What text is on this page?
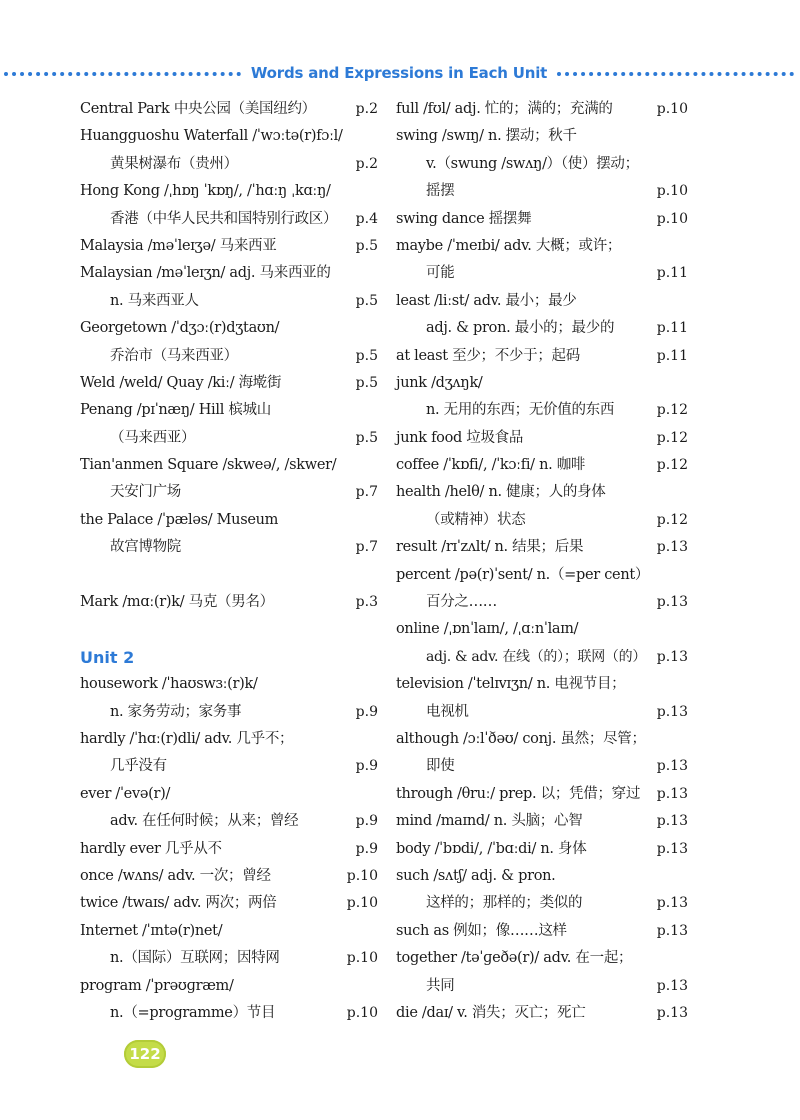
Words and Expressions in Each Unit
Central Park 中央公园（美国纽约）	p.2
Huangguoshu Waterfall /ˈwɔːtə(r)fɔːl/
黄果树瀑布（贵州）	p.2
Hong Kong /ˌhɒŋ ˈkɒŋ/, /ˈhɑːŋ ˌkɑːŋ/
香港（中华人民共和国特别行政区） p.4
Malaysia /məˈleɪʒə/ 马来西亚	p.5
Malaysian /məˈleɪʒn/ adj. 马来西亚的
n. 马来西亚人	p.5
Georgetown /ˈdʒɔː(r)dʒtaʊn/
乔治市（马来西亚）	p.5
Weld /weld/ Quay /kiː/ 海墘街	p.5
Penang /pɪˈnæŋ/ Hill 槟城山
（马来西亚）	p.5
Tian'anmen Square /skweə/, /skwer/
天安门广场	p.7
the Palace /ˈpæləs/ Museum
故宫博物院	p.7
Mark /mɑː(r)k/ 马克（男名）	p.3
Unit 2
housework /ˈhaʊswɜː(r)k/
n. 家务劳动；家务事	p.9
hardly /ˈhɑː(r)dli/ adv. 几乎不；
几乎没有	p.9
ever /ˈevə(r)/
adv. 在任何时候；从来；曾经	p.9
hardly ever 几乎从不	p.9
once /wʌns/ adv. 一次；曾经	p.10
twice /twaɪs/ adv. 两次；两倍	p.10
Internet /ˈɪntə(r)net/
n.（国际）互联网；因特网	p.10
program /ˈprəʊɡræm/
n.（=programme）节目	p.10
full /fʊl/ adj. 忙的；满的；充满的	p.10
swing /swɪŋ/ n. 摆动；秋千
v.（swung /swʌŋ/）（使）摆动；
摇摆	p.10
swing dance 摇摆舞	p.10
maybe /ˈmeɪbi/ adv. 大概；或许；
可能	p.11
least /liːst/ adv. 最小；最少
adj. & pron. 最小的；最少的	p.11
at least 至少；不少于；起码	p.11
junk /dʒʌŋk/
n. 无用的东西；无价值的东西	p.12
junk food 垃圾食品	p.12
coffee /ˈkɒfi/, /ˈkɔːfi/ n. 咖啡	p.12
health /helθ/ n. 健康；人的身体
（或精神）状态	p.12
result /rɪˈzʌlt/ n. 结果；后果	p.13
percent /pə(r)ˈsent/ n.（=per cent）
百分之……	p.13
online /ˌɒnˈlaɪn/, /ˌɑːnˈlaɪn/
adj. & adv. 在线（的）；联网（的） p.13
television /ˈtelɪvɪʒn/ n. 电视节目；
电视机	p.13
although /ɔːlˈðəʊ/ conj. 虽然；尽管；
即使	p.13
through /θruː/ prep. 以；凭借；穿过 p.13
mind /maɪnd/ n. 头脑；心智	p.13
body /ˈbɒdi/, /ˈbɑːdi/ n. 身体	p.13
such /sʌtʃ/ adj. & pron.
这样的；那样的；类似的	p.13
such as 例如；像……这样	p.13
together /təˈɡeðə(r)/ adv. 在一起；
共同	p.13
die /daɪ/ v. 消失；灭亡；死亡	p.13
122
